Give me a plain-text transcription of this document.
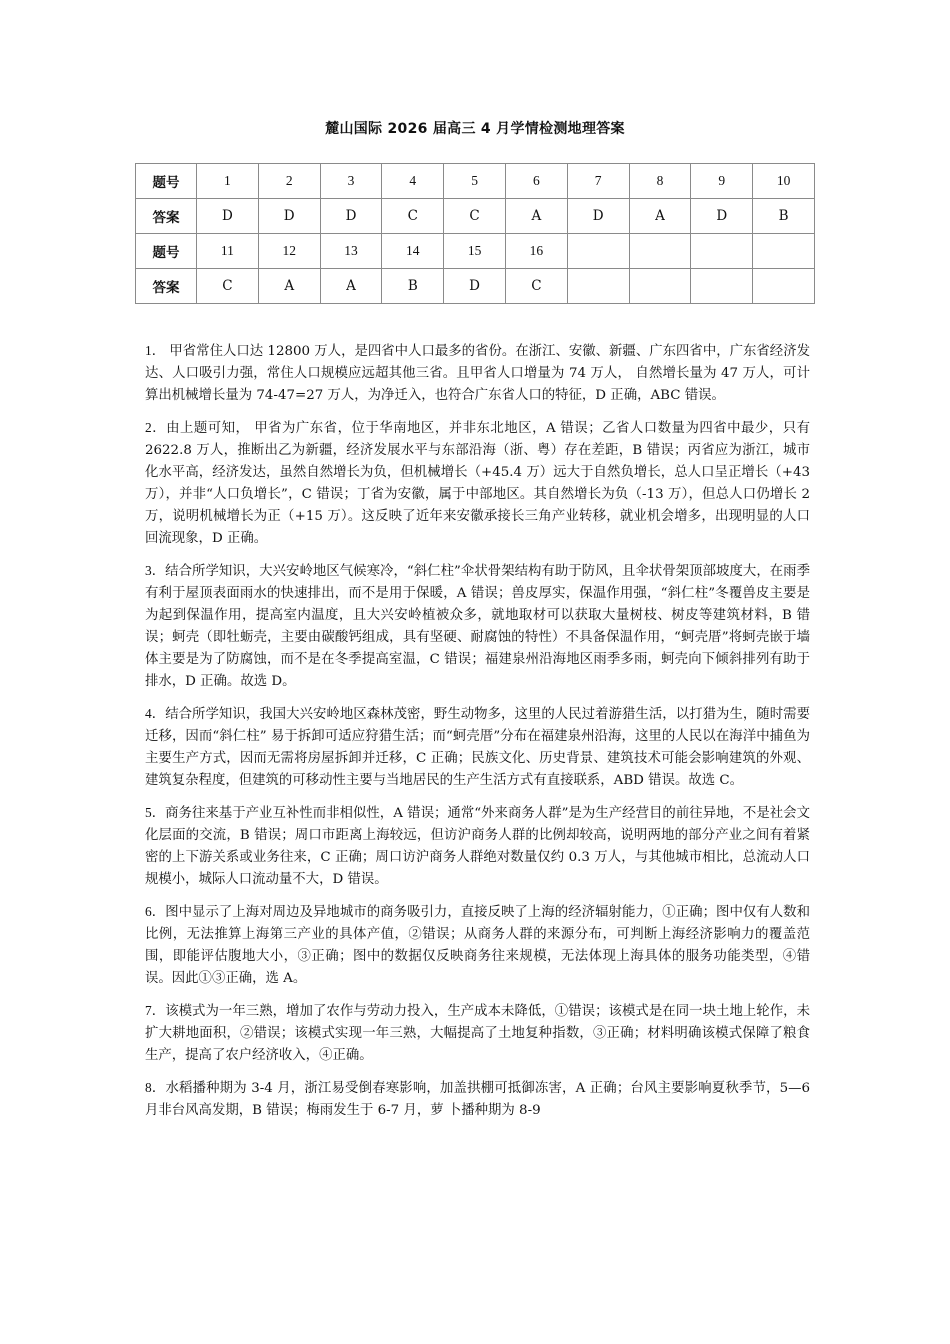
麓山国际 2026 届高三 4 月学情检测地理答案
题号	1	2	3	4	5	6	7	8	9	10
答案	D	D	D	C	C	A	D	A	D	B
题号	11	12	13	14	15	16				
答案	C	A	A	B	D	C				

1． 甲省常住人口达 12800 万人，是四省中人口最多的省份。在浙江、安徽、新疆、广东四省中，广东省经济发达、人口吸引力强，常住人口规模应远超其他三省。且甲省人口增量为 74 万人， 自然增长量为 47 万人，可计算出机械增长量为 74-47=27 万人，为净迁入，也符合广东省人口的特征，D 正确，ABC 错误。

2．由上题可知， 甲省为广东省，位于华南地区，并非东北地区，A 错误；乙省人口数量为四省中最少，只有 2622.8 万人，推断出乙为新疆，经济发展水平与东部沿海（浙、粤）存在差距，B 错误；丙省应为浙江，城市化水平高，经济发达，虽然自然增长为负，但机械增长（+45.4 万）远大于自然负增长，总人口呈正增长（+43 万），并非“人口负增长”，C 错误；丁省为安徽，属于中部地区。其自然增长为负（-13 万），但总人口仍增长 2 万，说明机械增长为正（+15 万）。这反映了近年来安徽承接长三角产业转移，就业机会增多，出现明显的人口回流现象，D 正确。

3．结合所学知识，大兴安岭地区气候寒冷，“斜仁柱”伞状骨架结构有助于防风，且伞状骨架顶部坡度大，在雨季有利于屋顶表面雨水的快速排出，而不是用于保暖，A 错误；兽皮厚实，保温作用强，“斜仁柱”冬覆兽皮主要是为起到保温作用，提高室内温度，且大兴安岭植被众多，就地取材可以获取大量树枝、树皮等建筑材料，B 错误；蚵壳（即牡蛎壳，主要由碳酸钙组成，具有坚硬、耐腐蚀的特性）不具备保温作用，“蚵壳厝”将蚵壳嵌于墙体主要是为了防腐蚀，而不是在冬季提高室温，C 错误；福建泉州沿海地区雨季多雨，蚵壳向下倾斜排列有助于排水，D 正确。故选 D。

4．结合所学知识，我国大兴安岭地区森林茂密，野生动物多，这里的人民过着游猎生活，以打猎为生，随时需要迁移，因而“斜仁柱” 易于拆卸可适应狩猎生活；而“蚵壳厝”分布在福建泉州沿海，这里的人民以在海洋中捕鱼为主要生产方式，因而无需将房屋拆卸并迁移，C 正确；民族文化、历史背景、建筑技术可能会影响建筑的外观、建筑复杂程度，但建筑的可移动性主要与当地居民的生产生活方式有直接联系，ABD 错误。故选 C。

5．商务往来基于产业互补性而非相似性，A 错误；通常“外来商务人群”是为生产经营目的前往异地，不是社会文化层面的交流，B 错误；周口市距离上海较远，但访沪商务人群的比例却较高，说明两地的部分产业之间有着紧密的上下游关系或业务往来，C 正确；周口访沪商务人群绝对数量仅约 0.3 万人，与其他城市相比，总流动人口规模小，城际人口流动量不大，D 错误。

6．图中显示了上海对周边及异地城市的商务吸引力，直接反映了上海的经济辐射能力，①正确；图中仅有人数和比例，无法推算上海第三产业的具体产值，②错误；从商务人群的来源分布，可判断上海经济影响力的覆盖范围，即能评估腹地大小，③正确；图中的数据仅反映商务往来规模，无法体现上海具体的服务功能类型，④错误。因此①③正确，选 A。

7．该模式为一年三熟，增加了农作与劳动力投入，生产成本未降低，①错误；该模式是在同一块土地上轮作，未扩大耕地面积，②错误；该模式实现一年三熟，大幅提高了土地复种指数，③正确；材料明确该模式保障了粮食生产，提高了农户经济收入，④正确。

8．水稻播种期为 3-4 月，浙江易受倒春寒影响，加盖拱棚可抵御冻害，A 正确；台风主要影响夏秋季节，5—6 月非台风高发期，B 错误；梅雨发生于 6-7 月，萝 卜播种期为 8-9
